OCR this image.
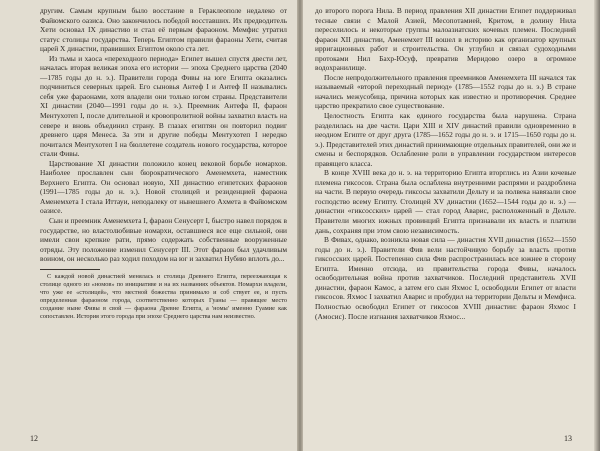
другим. Самым крупным было восстание в Гераклеополе недалеко от Файюмского оазиса. Оно закончилось победой восставших. Их предводитель Хети основал IX династию и стал её первым фараоном. Мемфис утратил статус столицы государства. Теперь Египтом правили фараоны Хети, считая царей X династии, правивших Египтом около ста лет.

Из тьмы и хаоса «переходного периода» Египет вышел спустя двести лет, началась вторая великая эпоха его истории — эпоха Среднего царства (2040—1785 годы до н. э.). Правители города Фивы на юге Египта оказались подчиниться северных царей. Его сыновья Антеф I и Антеф II назывались себя уже фараонами, хотя владели они только югом страны. Представители XI династии (2040—1991 годы до н. э.). Преемник Антефа II, фараон Ментухотеп I, после длительной и кровопролитной войны захватил власть на севере и вновь объединил страну. В глазах египтян он повторил подвиг древнего царя Менеса. За эти и другие победы Ментухотеп I нередко почитался Ментухотеп I на бюллетене создатель нового государства, которое стали Фивы.

Царствование XI династии положило конец вековой борьбе номархов. Наиболее прославлен сын бюрократического Аменемхета, наместник Верхнего Египта. Он основал новую, XII династию египетских фараонов (1991—1785 годы до н. э.). Новой столицей и резиденцией фараона Аменемхета I стала Иттауи, неподалеку от нынешнего Ахмета в Файюмском оазисе.

Сын и преемник Аменемхета I, фараон Сенусерт I, быстро навел порядок в государстве, но властолюбивые номархи, оставшиеся все еще сильной, они имели свои крепкие рати, прямо содержать собственные вооруженные отряды. Эту положение изменил Сенусерт III. Этот фараон был удачливым воином, он несколько раз ходил походом на юг и захватил Нубию вплоть до...

С каждой новой династией менялась и столица Древнего Египта, переезжающая к столице одного из «номов» по инициативе и на их названиях объектов. Номархи владели, что уже ее «столицей», что местной божества принимало и соб ствует ее, и пусть определенная фараоном города, соответственно которых Гуаны — правящее место создание ныне Фивы в свой — фараона Древне Египта, а 'номы' именно Гуамие как сопоставлен. История этого города при эпохе Среднего царства нам неизвестно.

12

до второго порога Нила. В период правления XII династии Египет поддерживал тесные связи с Малой Азией, Месопотамией, Критом, в долину Нила переселилось и некоторые группы малоазиатских кочевых племен. Последний фараон XII династии, Аменемхет III вошел в историю как организатор крупных ирригационных работ и строительства. Он углубил и связал судоходными протоками Нил Бахр-Юсуф, превратив Меридово озеро в огромное водохранилище.

После непродолжительного правления преемников Аменемхета III начался так называемый «второй переходный период» (1785—1552 годы до н. э.) В стране начались межусобица, причина которых как известно и противоречия. Среднее царство прекратило свое существование.

Целостность Египта как единого государства была нарушена. Страна разделилась на две части. Цари XIII и XIV династий правили одновременно в неодном Египте от друг друга (1785—1652 годы до н. э. и 1715—1650 годы до н. э.). Представителей этих династий принимающие отдельных правителей, они же и смены и беспорядков. Ослабление роли в управлении государством интересов правящего класса.

В конце XVIII века до н. э. на территорию Египта вторглись из Азии кочевые племена гиксосов. Страна была ослаблена внутренними распрями и раздроблена на части. В первую очередь гиксосы захватили Дельту и за полвека навязали свое господство всему Египту. Столицей XV династии (1652—1544 годы до н. э.) — династии «гиксосских» царей — стал город Аварис, расположенный в Дельте. Правители многих южных провинций Египта признавали их власть и платили дань, сохраняя при этом свою независимость.

В Фивах, однако, возникла новая сила — династия XVII династия (1652—1550 годы до н. э.). Правители Фив вели настойчивую борьбу за власть против гиксосских царей. Постепенно сила Фив распространилась все южнее в сторону Египта. Именно отсюда, из правительства города Фивы, началось освободительная война против захватчиков. Последний представитель XVII династии, фараон Камос, а затем его сын Яхмос I, освободили Египет от власти гиксосов. Яхмос I захватил Аварис и пробудил на территории Дельты и Мемфиса. Полностью освободил Египет от гиксосов XVIII династии: фараон Яхмос I (Амосис). После изгнания захватчиков Яхмос...

13
